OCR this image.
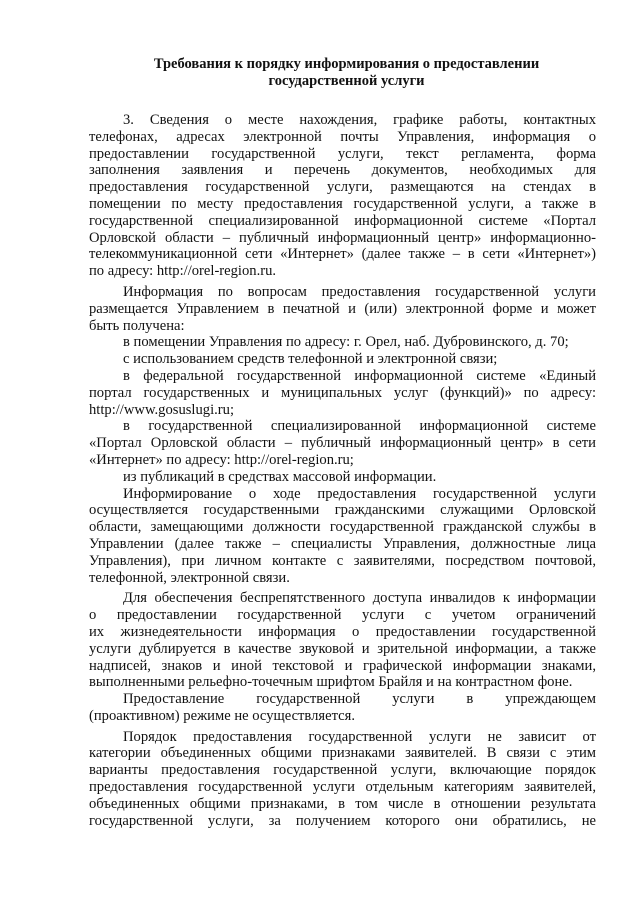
Требования к порядку информирования о предоставлении
государственной услуги
3. Сведения о месте нахождения, графике работы, контактных
телефонах, адресах электронной почты Управления, информация о
предоставлении государственной услуги, текст регламента, форма
заполнения заявления и перечень документов, необходимых для
предоставления государственной услуги, размещаются на стендах в
помещении по месту предоставления государственной услуги, а также в
государственной специализированной информационной системе «Портал
Орловской области – публичный информационный центр» информационно-
телекоммуникационной сети «Интернет» (далее также – в сети «Интернет»)
по адресу: http://orel-region.ru.
Информация по вопросам предоставления государственной услуги
размещается Управлением в печатной и (или) электронной форме и может
быть получена:
в помещении Управления по адресу: г. Орел, наб. Дубровинского, д. 70;
с использованием средств телефонной и электронной связи;
в федеральной государственной информационной системе «Единый
портал государственных и муниципальных услуг (функций)» по адресу:
http://www.gosuslugi.ru;
в государственной специализированной информационной системе
«Портал Орловской области – публичный информационный центр» в сети
«Интернет» по адресу: http://orel-region.ru;
из публикаций в средствах массовой информации.
Информирование о ходе предоставления государственной услуги
осуществляется государственными гражданскими служащими Орловской
области, замещающими должности государственной гражданской службы в
Управлении (далее также – специалисты Управления, должностные лица
Управления), при личном контакте с заявителями, посредством почтовой,
телефонной, электронной связи.
Для обеспечения беспрепятственного доступа инвалидов к информации
о предоставлении государственной услуги с учетом ограничений
их жизнедеятельности информация о предоставлении государственной
услуги дублируется в качестве звуковой и зрительной информации, а также
надписей, знаков и иной текстовой и графической информации знаками,
выполненными рельефно-точечным шрифтом Брайля и на контрастном фоне.
Предоставление государственной услуги в упреждающем
(проактивном) режиме не осуществляется.
Порядок предоставления государственной услуги не зависит от
категории объединенных общими признаками заявителей. В связи с этим
варианты предоставления государственной услуги, включающие порядок
предоставления государственной услуги отдельным категориям заявителей,
объединенных общими признаками, в том числе в отношении результата
государственной услуги, за получением которого они обратились, не
